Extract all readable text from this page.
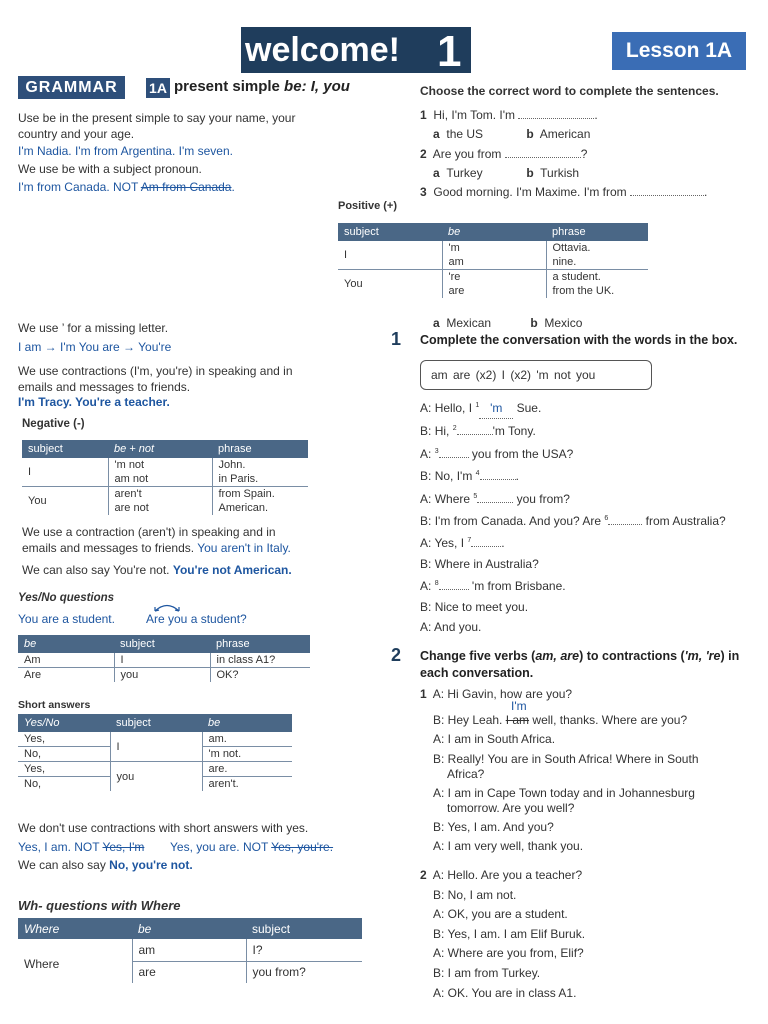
welcome! 1	Lesson 1A
GRAMMAR	1A present simple be: I, you
Use be in the present simple to say your name, your country and your age.
I'm Nadia. I'm from Argentina. I'm seven.
We use be with a subject pronoun.
I'm from Canada. NOT Am from Canada.
We use ’ for a missing letter.
I am → I'm You are → You're
We use contractions (I'm, you're) in speaking and in emails and messages to friends.
I'm Tracy. You're a teacher.
Negative (-)
subject	be + not	phrase
I	'm not	John.
	am not	in Paris.
You	aren't	from Spain.
	are not	American.
We use a contraction (aren't) in speaking and in emails and messages to friends. You aren't in Italy.
We can also say You're not. You're not American.
Yes/No questions
You are a student.	Are you a student?
be	subject	phrase
Am	I	in class A1?
Are	you	OK?
Short answers
Yes/No	subject	be
Yes,	I	am.
No,		'm not.
Yes,	you	are.
No,		aren't.
We don't use contractions with short answers with yes.
Yes, I am. NOT Yes, I'm Yes, you are. NOT Yes, you're.
We can also say No, you're not.
Wh- questions with Where
Where	be	subject
Where	am	I?
	are	you from?
Choose the correct word to complete the sentences.
1 Hi, I'm Tom. I'm	.
a the US	b American
2 Are you from	?
a Turkey	b Turkish
3 Good morning. I'm Maxime. I'm from	.
Positive (+)
subject	be	phrase
I	'm	Ottavia.
	am	nine.
You	're	a student.
	are	from the UK.
a Mexican	b Mexico
1 Complete the conversation with the words in the box.
am are (x2) I (x2) 'm not you
A: Hello, I $^1$ 'm Sue.
B: Hi, $^2$	'm Tony.
A: $^3$	you from the USA?
B: No, I'm $^4$	.
A: Where $^5$	you from?
B: I'm from Canada. And you? Are $^6$	from Australia?
A: Yes, I $^7$	.
B: Where in Australia?
A: $^8$	'm from Brisbane.
B: Nice to meet you.
A: And you.
2 Change five verbs (am, are) to contractions ('m, 're) in each conversation.
1 A: Hi Gavin, how are you?
I'm
B: Hey Leah. I am well, thanks. Where are you?
A: I am in South Africa.
B: Really! You are in South Africa! Where in South Africa?
A: I am in Cape Town today and in Johannesburg tomorrow. Are you well?
B: Yes, I am. And you?
A: I am very well, thank you.
2 A: Hello. Are you a teacher?
B: No, I am not.
A: OK, you are a student.
B: Yes, I am. I am Elif Buruk.
A: Where are you from, Elif?
B: I am from Turkey.
A: OK. You are in class A1.
